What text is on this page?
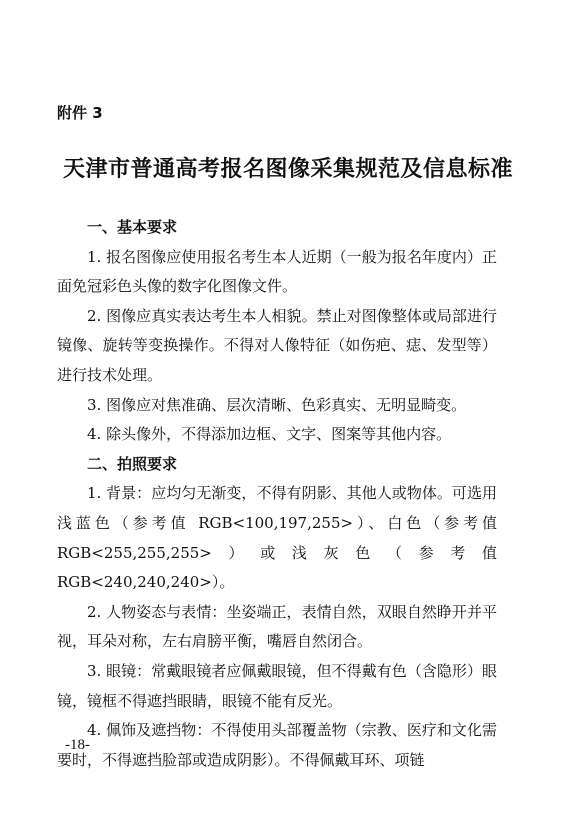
附件 3
天津市普通高考报名图像采集规范及信息标准
一、基本要求

1. 报名图像应使用报名考生本人近期（一般为报名年度内）正面免冠彩色头像的数字化图像文件。

2. 图像应真实表达考生本人相貌。禁止对图像整体或局部进行镜像、旋转等变换操作。不得对人像特征（如伤疤、痣、发型等）进行技术处理。

3. 图像应对焦准确、层次清晰、色彩真实、无明显畸变。

4. 除头像外，不得添加边框、文字、图案等其他内容。

二、拍照要求

1. 背景：应均匀无渐变，不得有阴影、其他人或物体。可选用浅蓝色（参考值 RGB<100,197,255>）、白色（参考值 RGB<255,255,255>）或浅灰色（参考值 RGB<240,240,240>）。

2. 人物姿态与表情：坐姿端正，表情自然，双眼自然睁开并平视，耳朵对称，左右肩膀平衡，嘴唇自然闭合。

3. 眼镜：常戴眼镜者应佩戴眼镜，但不得戴有色（含隐形）眼镜，镜框不得遮挡眼睛，眼镜不能有反光。

4. 佩饰及遮挡物：不得使用头部覆盖物（宗教、医疗和文化需要时，不得遮挡脸部或造成阴影）。不得佩戴耳环、项链

-18-
